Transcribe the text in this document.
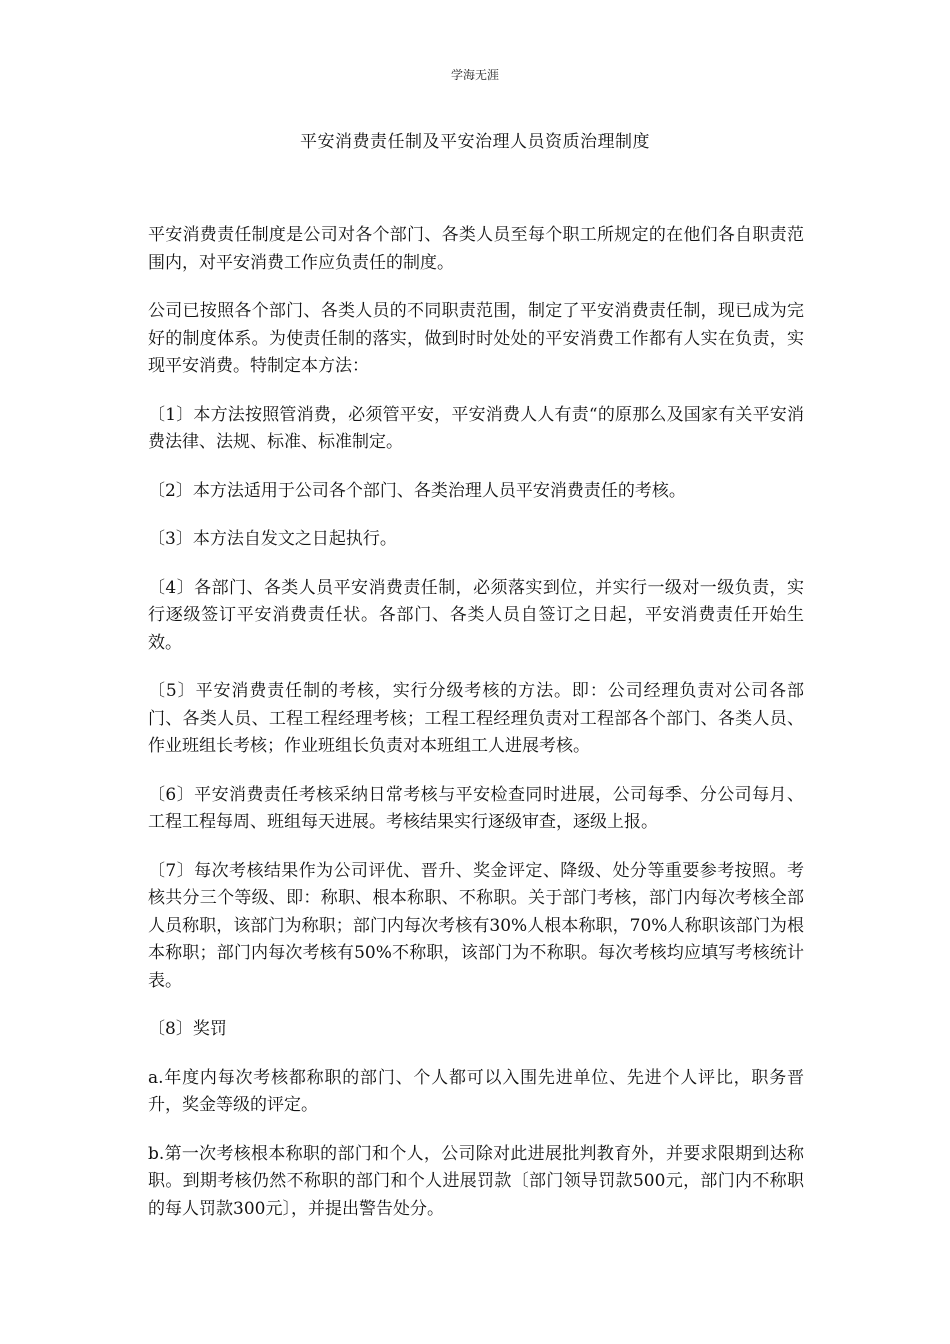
学海无涯
平安消费责任制及平安治理人员资质治理制度

平安消费责任制度是公司对各个部门、各类人员至每个职工所规定的在他们各自职责范围内，对平安消费工作应负责任的制度。

公司已按照各个部门、各类人员的不同职责范围，制定了平安消费责任制，现已成为完好的制度体系。为使责任制的落实，做到时时处处的平安消费工作都有人实在负责，实现平安消费。特制定本方法：

〔1〕本方法按照管消费，必须管平安，平安消费人人有责“的原那么及国家有关平安消费法律、法规、标准、标准制定。

〔2〕本方法适用于公司各个部门、各类治理人员平安消费责任的考核。

〔3〕本方法自发文之日起执行。

〔4〕各部门、各类人员平安消费责任制，必须落实到位，并实行一级对一级负责，实行逐级签订平安消费责任状。各部门、各类人员自签订之日起，平安消费责任开始生效。

〔5〕平安消费责任制的考核，实行分级考核的方法。即：公司经理负责对公司各部门、各类人员、工程工程经理考核；工程工程经理负责对工程部各个部门、各类人员、作业班组长考核；作业班组长负责对本班组工人进展考核。

〔6〕平安消费责任考核采纳日常考核与平安检查同时进展，公司每季、分公司每月、工程工程每周、班组每天进展。考核结果实行逐级审查，逐级上报。

〔7〕每次考核结果作为公司评优、晋升、奖金评定、降级、处分等重要参考按照。考核共分三个等级、即：称职、根本称职、不称职。关于部门考核，部门内每次考核全部人员称职，该部门为称职；部门内每次考核有30%人根本称职，70%人称职该部门为根本称职；部门内每次考核有50%不称职，该部门为不称职。每次考核均应填写考核统计表。

〔8〕奖罚

a.年度内每次考核都称职的部门、个人都可以入围先进单位、先进个人评比，职务晋升，奖金等级的评定。

b.第一次考核根本称职的部门和个人，公司除对此进展批判教育外，并要求限期到达称职。到期考核仍然不称职的部门和个人进展罚款〔部门领导罚款500元，部门内不称职的每人罚款300元〕，并提出警告处分。
